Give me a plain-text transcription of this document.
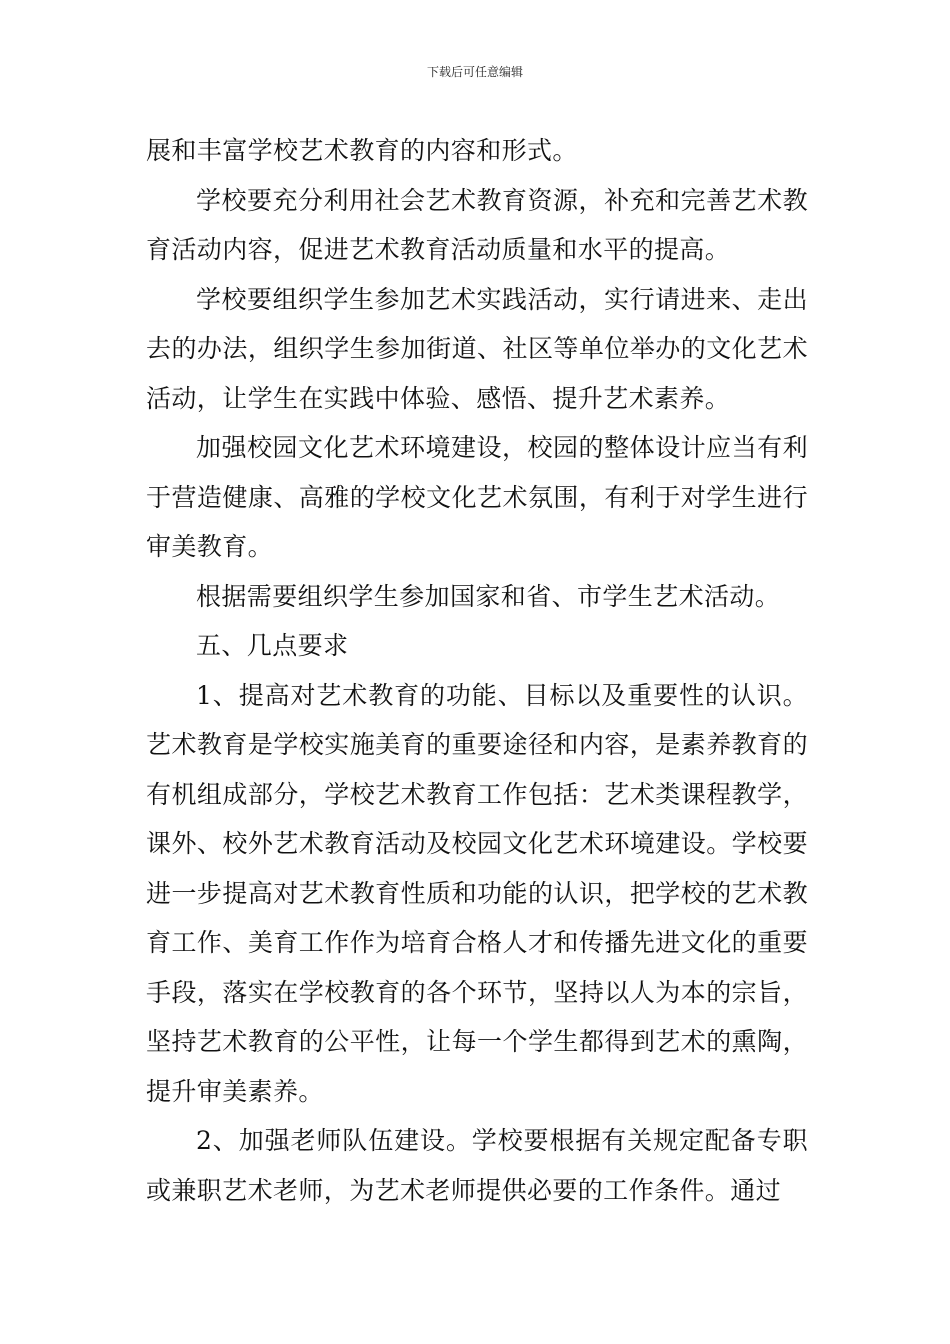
下载后可任意编辑

展和丰富学校艺术教育的内容和形式。

学校要充分利用社会艺术教育资源，补充和完善艺术教育活动内容，促进艺术教育活动质量和水平的提高。

学校要组织学生参加艺术实践活动，实行请进来、走出去的办法，组织学生参加街道、社区等单位举办的文化艺术活动，让学生在实践中体验、感悟、提升艺术素养。

加强校园文化艺术环境建设，校园的整体设计应当有利于营造健康、高雅的学校文化艺术氛围，有利于对学生进行审美教育。

根据需要组织学生参加国家和省、市学生艺术活动。

五、几点要求

1、提高对艺术教育的功能、目标以及重要性的认识。艺术教育是学校实施美育的重要途径和内容，是素养教育的有机组成部分，学校艺术教育工作包括：艺术类课程教学，课外、校外艺术教育活动及校园文化艺术环境建设。学校要进一步提高对艺术教育性质和功能的认识，把学校的艺术教育工作、美育工作作为培育合格人才和传播先进文化的重要手段，落实在学校教育的各个环节，坚持以人为本的宗旨，坚持艺术教育的公平性，让每一个学生都得到艺术的熏陶，提升审美素养。

2、加强老师队伍建设。学校要根据有关规定配备专职或兼职艺术老师，为艺术老师提供必要的工作条件。通过
